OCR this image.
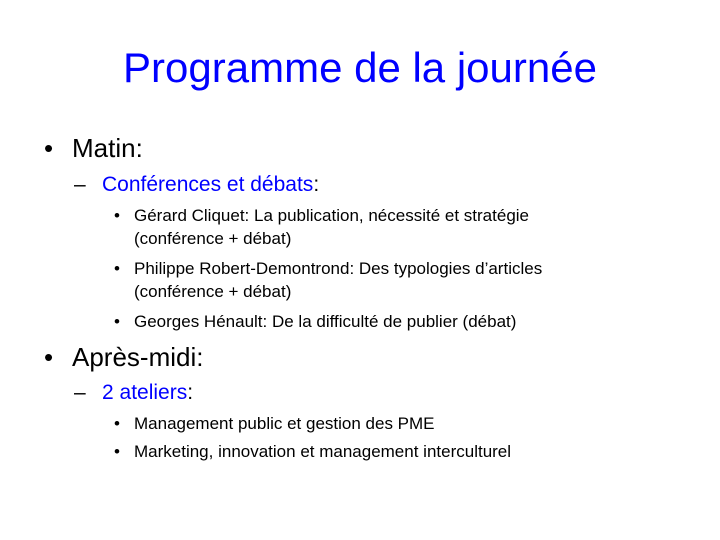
Programme de la journée
• Matin:
– Conférences et débats:
• Gérard Cliquet: La publication, nécessité et stratégie
(conférence + débat)
• Philippe Robert-Demontrond: Des typologies d’articles
(conférence + débat)
• Georges Hénault: De la difficulté de publier (débat)
• Après-midi:
– 2 ateliers:
• Management public et gestion des PME
• Marketing, innovation et management interculturel
